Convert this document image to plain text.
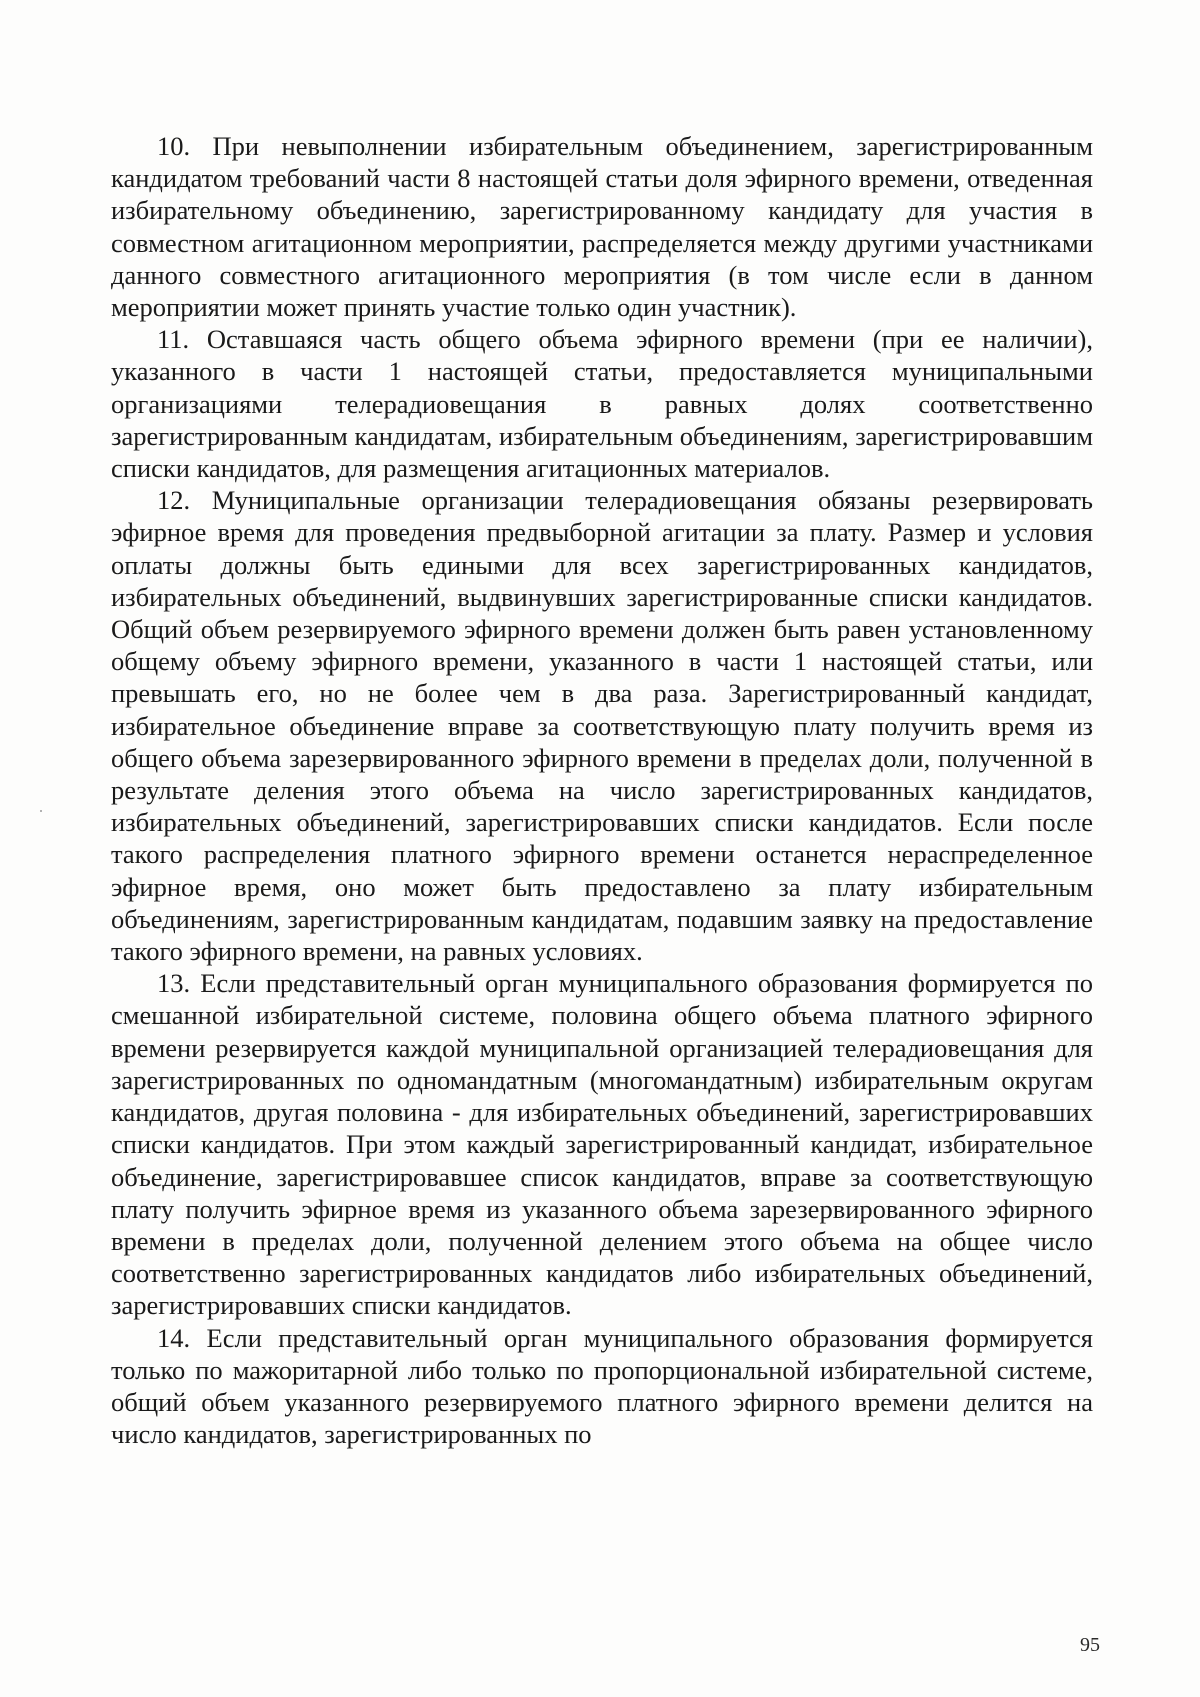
10. При невыполнении избирательным объединением, зарегистрированным кандидатом требований части 8 настоящей статьи доля эфирного времени, отведенная избирательному объединению, зарегистрированному кандидату для участия в совместном агитационном мероприятии, распределяется между другими участниками данного совместного агитационного мероприятия (в том числе если в данном мероприятии может принять участие только один участник).

11. Оставшаяся часть общего объема эфирного времени (при ее наличии), указанного в части 1 настоящей статьи, предоставляется муниципальными организациями телерадиовещания в равных долях соответственно зарегистрированным кандидатам, избирательным объединениям, зарегистрировавшим списки кандидатов, для размещения агитационных материалов.

12. Муниципальные организации телерадиовещания обязаны резервировать эфирное время для проведения предвыборной агитации за плату. Размер и условия оплаты должны быть едиными для всех зарегистрированных кандидатов, избирательных объединений, выдвинувших зарегистрированные списки кандидатов. Общий объем резервируемого эфирного времени должен быть равен установленному общему объему эфирного времени, указанного в части 1 настоящей статьи, или превышать его, но не более чем в два раза. Зарегистрированный кандидат, избирательное объединение вправе за соответствующую плату получить время из общего объема зарезервированного эфирного времени в пределах доли, полученной в результате деления этого объема на число зарегистрированных кандидатов, избирательных объединений, зарегистрировавших списки кандидатов. Если после такого распределения платного эфирного времени останется нераспределенное эфирное время, оно может быть предоставлено за плату избирательным объединениям, зарегистрированным кандидатам, подавшим заявку на предоставление такого эфирного времени, на равных условиях.

13. Если представительный орган муниципального образования формируется по смешанной избирательной системе, половина общего объема платного эфирного времени резервируется каждой муниципальной организацией телерадиовещания для зарегистрированных по одномандатным (многомандатным) избирательным округам кандидатов, другая половина - для избирательных объединений, зарегистрировавших списки кандидатов. При этом каждый зарегистрированный кандидат, избирательное объединение, зарегистрировавшее список кандидатов, вправе за соответствующую плату получить эфирное время из указанного объема зарезервированного эфирного времени в пределах доли, полученной делением этого объема на общее число соответственно зарегистрированных кандидатов либо избирательных объединений, зарегистрировавших списки кандидатов.

14. Если представительный орган муниципального образования формируется только по мажоритарной либо только по пропорциональной избирательной системе, общий объем указанного резервируемого платного эфирного времени делится на число кандидатов, зарегистрированных по

95
